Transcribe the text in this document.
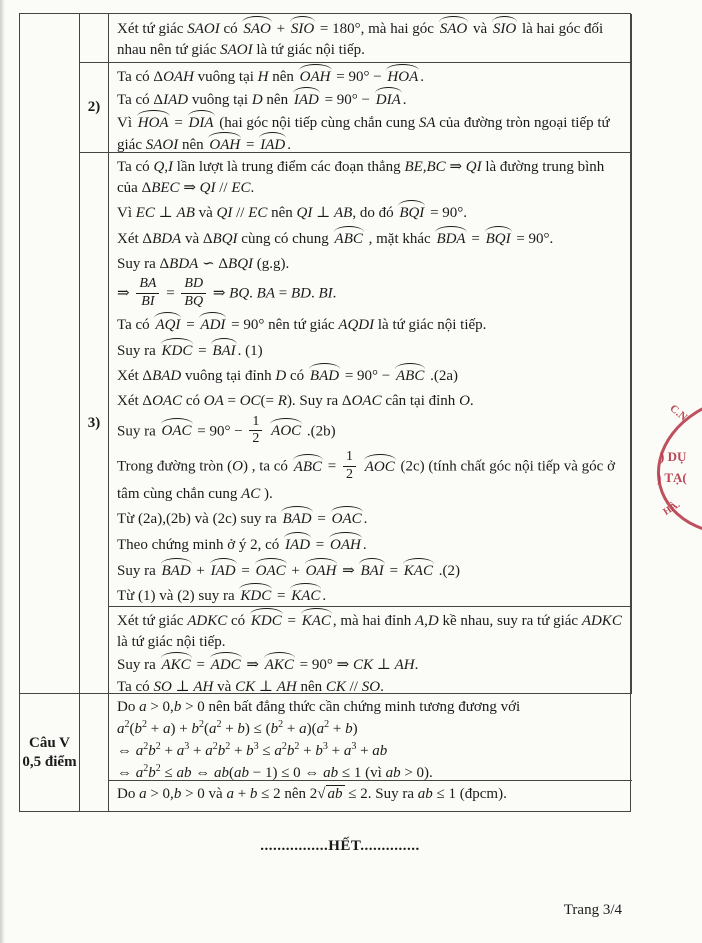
Xét tứ giác SAOI có SAO + SIO = 180°, mà hai góc SAO và SIO là hai góc đối nhau nên tứ giác SAOI là tứ giác nội tiếp.

2)

Ta có ΔOAH vuông tại H nên OAH = 90° − HOA .

Ta có ΔIAD vuông tại D nên IAD = 90° − DIA .

Vì HOA = DIA (hai góc nội tiếp cùng chắn cung SA của đường tròn ngoại tiếp tứ giác SAOI nên OAH = IAD .

3)

Ta có Q,I lần lượt là trung điểm các đoạn thẳng BE,BC ⇒ QI là đường trung bình của ΔBEC ⇒ QI // EC.

Vì EC ⊥ AB và QI // EC nên QI ⊥ AB, do đó BQI = 90°.

Xét ΔBDA và ΔBQI cùng có chung ABC , mặt khác BDA = BQI = 90°.

Suy ra ΔBDA ∽ ΔBQI (g.g).

⇒ $\frac{BA}{BI} = \frac{BD}{BQ}$ ⇒ BQ. BA = BD. BI.

Ta có AQI = ADI = 90° nên tứ giác AQDI là tứ giác nội tiếp.

Suy ra KDC = BAI . (1)

Xét ΔBAD vuông tại đỉnh D có BAD = 90° − ABC .(2a)

Xét ΔOAC có OA = OC(= R). Suy ra ΔOAC cân tại đỉnh O.

Suy ra OAC = $90^\circ - \frac{1}{2}$ AOC .(2b)

Trong đường tròn (O) , ta có ABC = $\frac{1}{2}$ AOC (2c) (tính chất góc nội tiếp và góc ở tâm cùng chắn cung AC ).

Từ (2a),(2b) và (2c) suy ra BAD = OAC .

Theo chứng minh ở ý 2, có IAD = OAH .

Suy ra BAD + IAD = OAC + OAH ⇒ BAI = KAC .(2)

Từ (1) và (2) suy ra KDC = KAC .

Xét tứ giác ADKC có KDC = KAC , mà hai đỉnh A,D kề nhau, suy ra tứ giác ADKC là tứ giác nội tiếp.

Suy ra AKC = ADC ⇒ AKC = 90° ⇒ CK ⊥ AH.

Ta có SO ⊥ AH và CK ⊥ AH nên CK // SO.

Câu V
0,5 điểm

Do a > 0,b > 0 nên bất đẳng thức cần chứng minh tương đương với

$a^2(b^2 + a) + b^2(a^2 + b) \le (b^2 + a)(a^2 + b)$

⇔ $a^2b^2 + a^3 + a^2b^2 + b^3 \le a^2b^2 + b^3 + a^3$ + ab

⇔ $a^2b^2$ ≤ ab ⇔ ab(ab − 1) ≤ 0 ⇔ ab ≤ 1 (vì ab > 0).

Do a > 0,b > 0 và a + b ≤ 2 nên 2√ ab ≤ 2. Suy ra ab ≤ 1 (đpcm).

................HẾT..............
Trang 3/4
C.N
) DỤ
) TẠ(
HÀ.
